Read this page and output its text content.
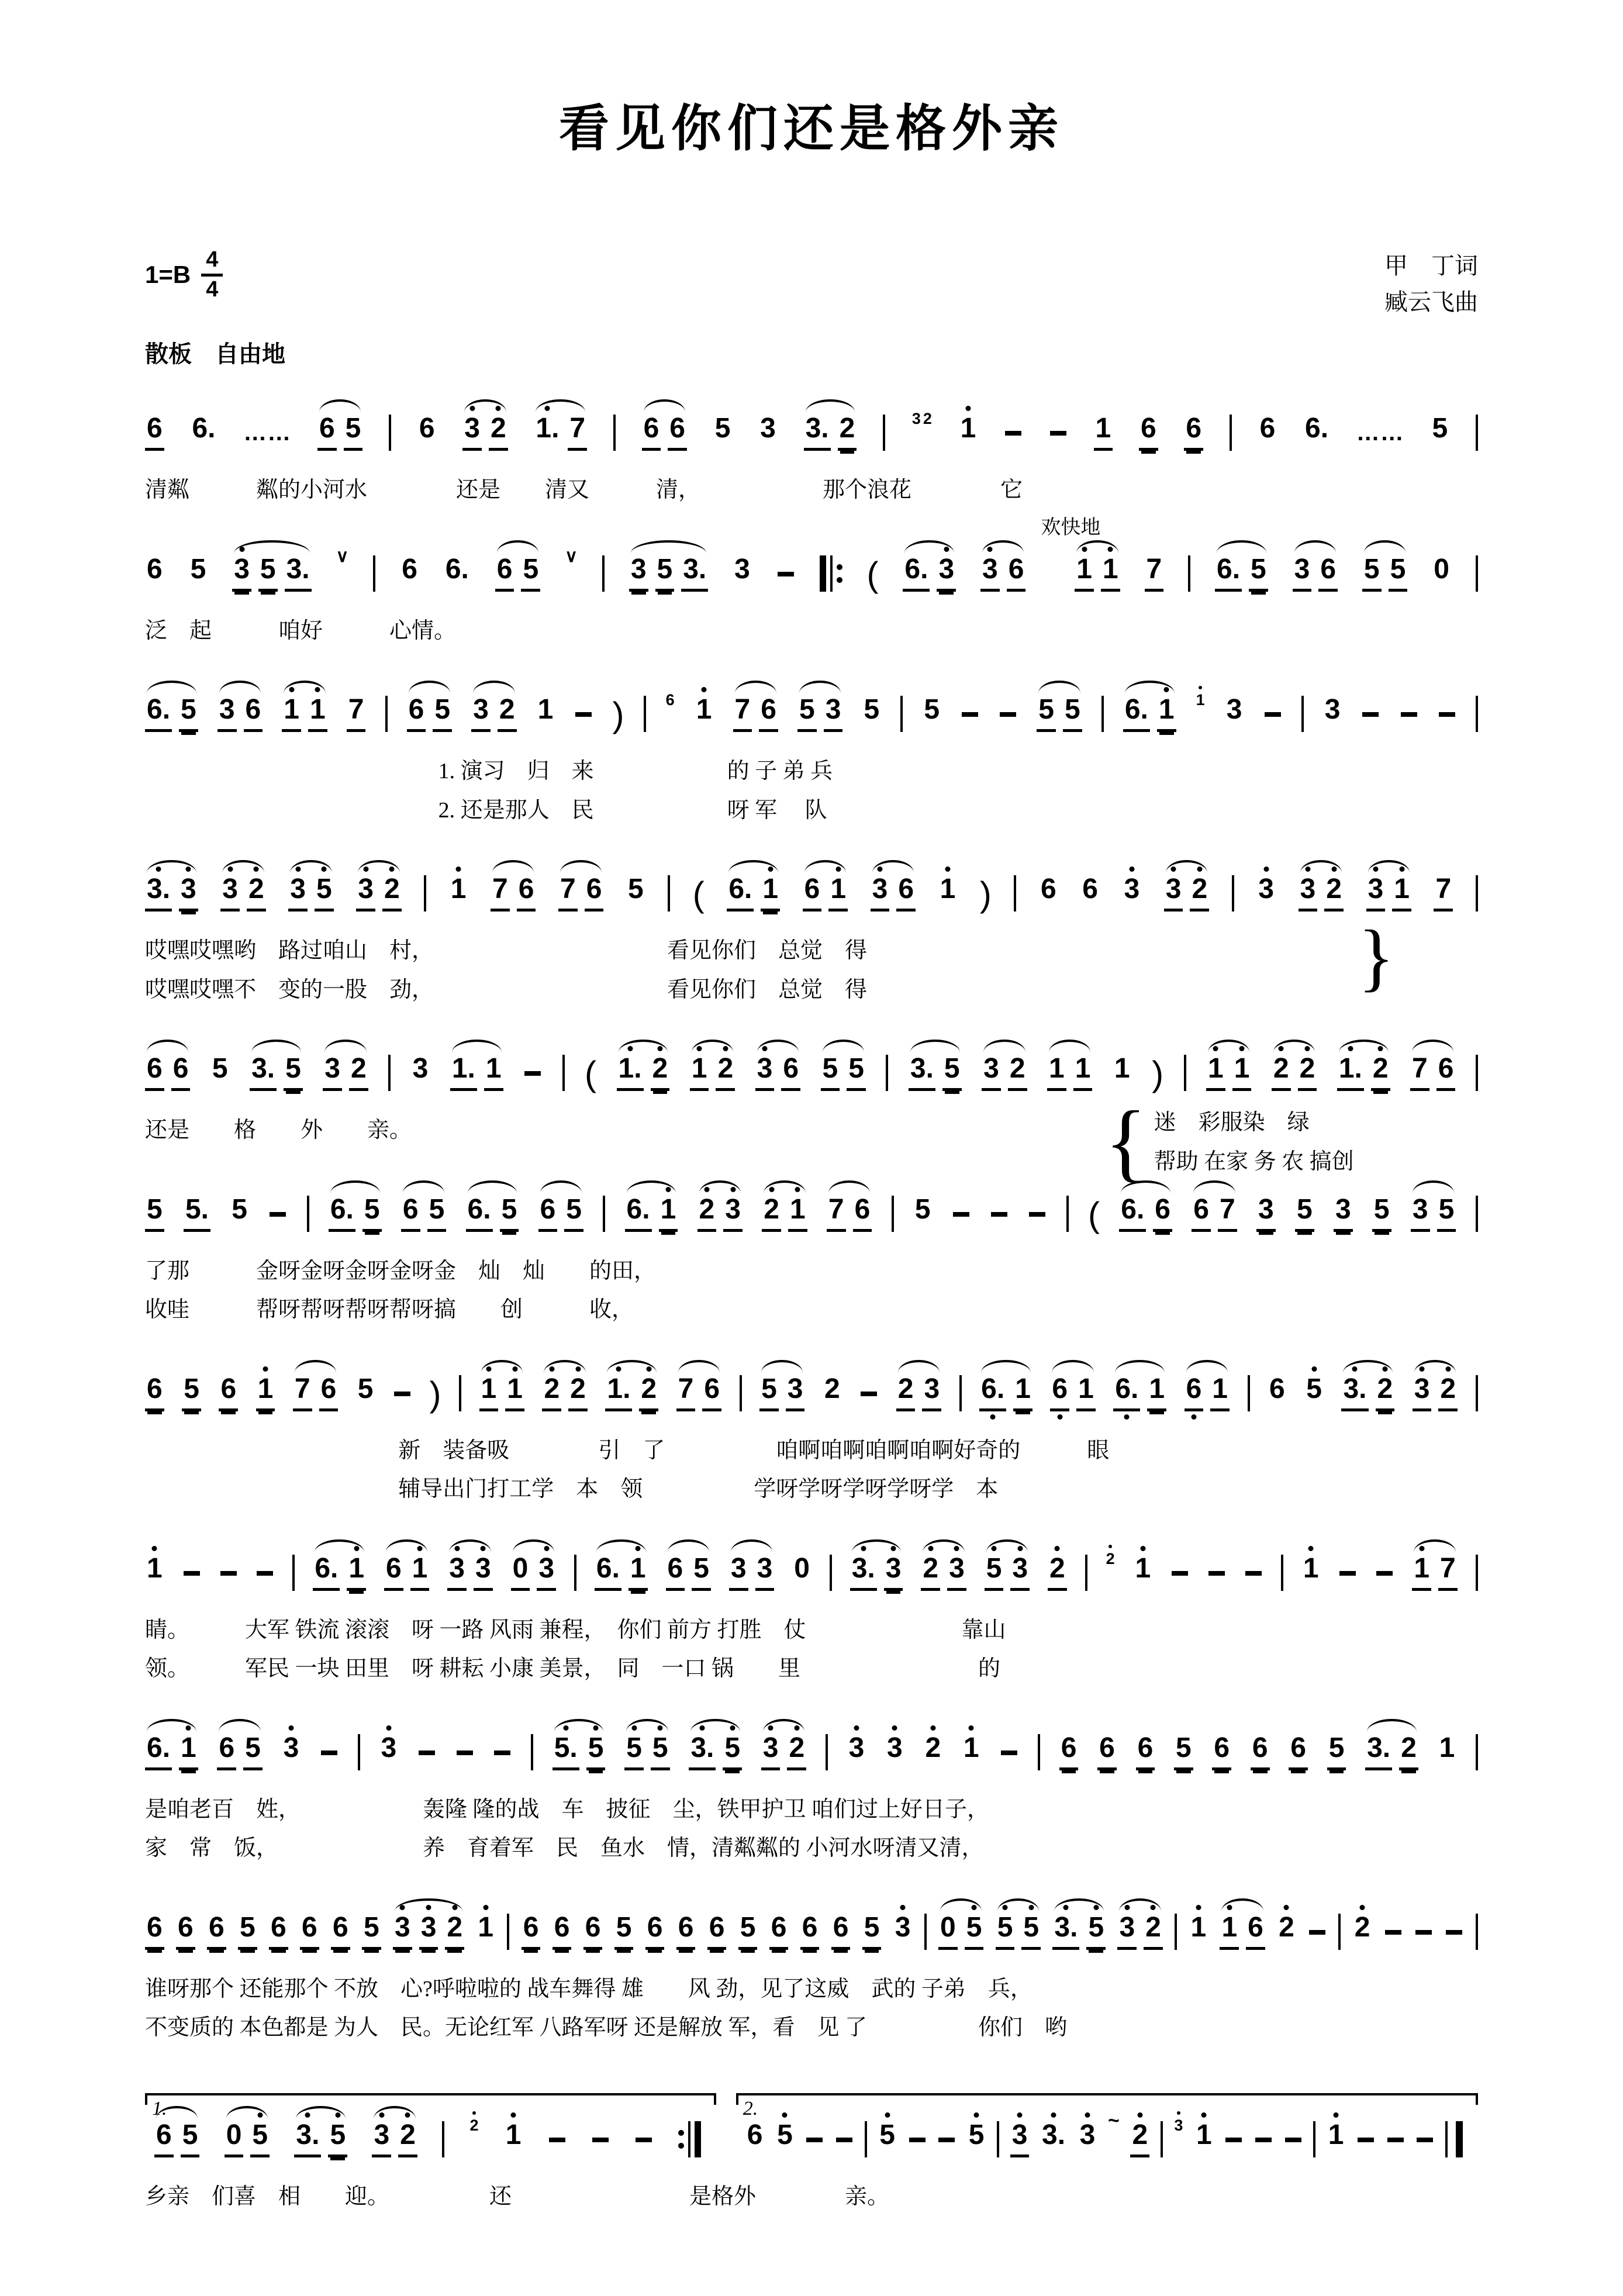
看见你们还是格外亲
$1=B \frac{4}{4}$	甲　丁词
臧云飞曲
散板　自由地
6 6. …… 6 5 6 3 2 1. 7 6 6 5 3 3. 2	3 2 1	1 6 6 6 6. …… 5
清粼　　　粼的小河水　　　　还是　　清又　　　清，　　　　　　那个浪花　　　　它
6 5 3 5 3. ∨ 6 6. 6 5 ∨ 3 5 3. 3	( 6. 3 3 6
欢快地
1 1 7 6. 5 3 6 5 5 0
泛　起　　　咱好　　　心情。
6. 5 3 6 1 1 7 6 5 3 2 1 )	6 1 7 6 5 3 5 5	5 5 6. 1 1 3	3
1. 演习　归　来　　　　　　的 子 弟 兵
2. 还是那人　民　　　　　　呀 军　 队
3. 3 3 2 3 5 3 2 1 7 6 7 6 5 ( 6. 1 6 1 3 6 1 ) 6 6 3 3 2 3 3 2 3 1 7
哎嘿哎嘿哟　路过咱山　村，　　　　　　　　　　　看见你们　总觉　得
哎嘿哎嘿不　变的一股　劲，　　　　　　　　　　　看见你们　总觉　得	}
6 6 5 3. 5 3 2 3 1. 1 ( 1. 2 1 2 3 6 5 5 3. 5 3 2 1 1 1 ) 1 1 2 2 1. 2 7 6
还是　　格　　外　　亲。	{ 迷　彩服染　绿
帮助 在家 务 农 搞创
5 5. 5	6. 5 6 5 6. 5 6 5 6. 1 2 3 2 1 7 6 5	( 6. 6 6 7 3 5 3 5 3 5
了那　　　金呀金呀金呀金呀金　灿　灿　　的田，
收哇　　　帮呀帮呀帮呀帮呀搞　　创　　　收，
6 5 6 1 7 6 5 ) 1 1 2 2 1. 2 7 6 5 3 2 2 3 6. 1 6 1 6. 1 6 1 6 5 3. 2 3 2
新　装备吸　　　　引　了　　　　　咱啊咱啊咱啊咱啊好奇的　　　眼
辅导出门打工学　本　领　　　　　学呀学呀学呀学呀学　本
1	6. 1 6 1 3 3 0 3 6. 1 6 5 3 3 0 3. 3 2 3 5 3 2	2 1	1	1 7
睛。　　　大军 铁流 滚滚　呀 一路 风雨 兼程，　你们 前方 打胜　仗　　　　　　　靠山
领。　　　军民 一块 田里　呀 耕耘 小康 美景，　同　一口 锅　　里　　　　　　　　的
6. 1 6 5 3	3	5. 5 5 5 3. 5 3 2 3 3 2 1	6 6 6 5 6 6 6 5 3. 2 1
是咱老百　姓，　　　　　　轰隆 隆的战　车　披征　尘，铁甲护卫 咱们过上好日子，
家　常　饭，　　　　　　　养　育着军　民　鱼水　情，清粼粼的 小河水呀清又清，
6 6 6 5 6 6 6 5 3 3 2 1 6 6 6 5 6 6 6 5 6 6 6 5 3 0 5 5 5 3. 5 3 2 1 1 6 2 2
谁呀那个 还能那个 不放　心?呼啦啦的 战车舞得 雄　　风 劲，见了这威　武的 子弟　兵，
不变质的 本色都是 为人　民。无论红军 八路军呀 还是解放 军，看　见 了　　　　　你们　哟
1.
6 5 0 5 3. 5 3 2	2 1
2.
6 5	5	5 3 3. 3 ~ 2 3 1	1
乡亲　们喜　相　　迎。　　　　　还　　　　　　　　是格外　　　　亲。
